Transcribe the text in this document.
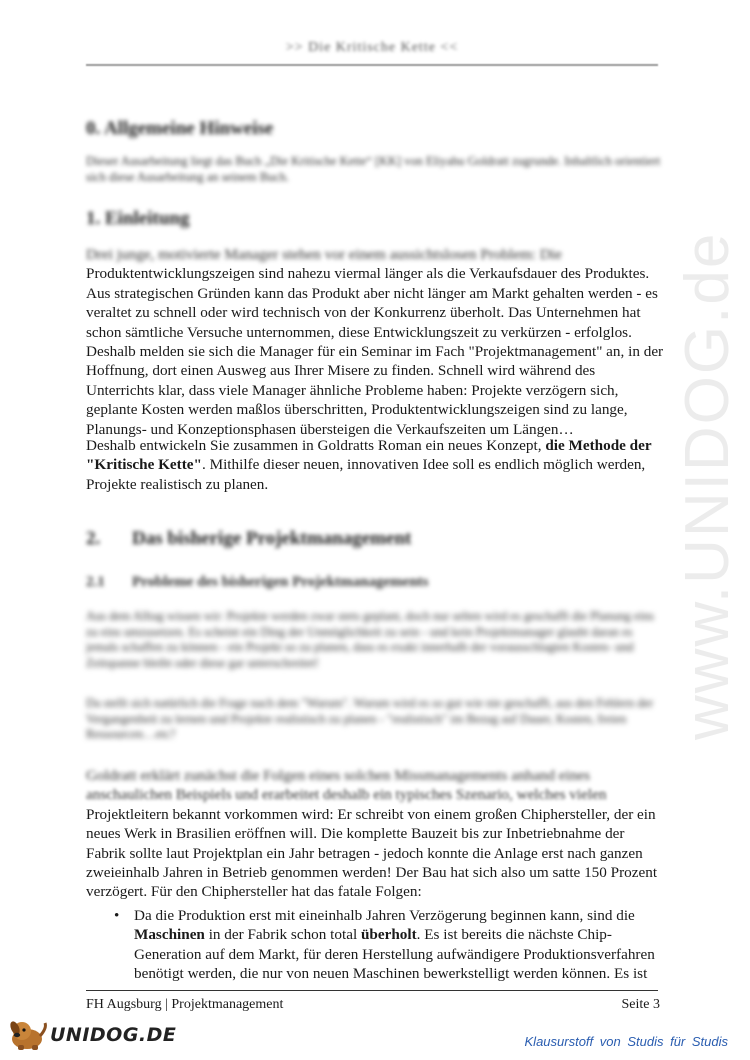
www.UNIDOG.de
>> Die Kritische Kette <<
0. Allgemeine Hinweise
Dieser Ausarbeitung liegt das Buch „Die Kritische Kette“ [KK] von Eliyahu Goldratt zugrunde. Inhaltlich orientiert sich diese Ausarbeitung an seinem Buch.
1. Einleitung

Drei junge, motivierte Manager stehen vor einem aussichtslosen Problem: Die

Produktentwicklungszeigen sind nahezu viermal länger als die Verkaufsdauer des Produktes. Aus strategischen Gründen kann das Produkt aber nicht länger am Markt gehalten werden - es veraltet zu schnell oder wird technisch von der Konkurrenz überholt. Das Unternehmen hat schon sämtliche Versuche unternommen, diese Entwicklungszeit zu verkürzen - erfolglos. Deshalb melden sie sich die Manager für ein Seminar im Fach "Projektmanagement" an, in der Hoffnung, dort einen Ausweg aus Ihrer Misere zu finden. Schnell wird während des Unterrichts klar, dass viele Manager ähnliche Probleme haben: Projekte verzögern sich, geplante Kosten werden maßlos überschritten, Produktentwicklungszeigen sind zu lange, Planungs- und Konzeptionsphasen übersteigen die Verkaufszeiten um Längen…

Deshalb entwickeln Sie zusammen in Goldratts Roman ein neues Konzept, die Methode der "Kritische Kette". Mithilfe dieser neuen, innovativen Idee soll es endlich möglich werden, Projekte realistisch zu planen.

2. Das bisherige Projektmanagement
2.1 Probleme des bisherigen Projektmanagements
Aus dem Alltag wissen wir: Projekte werden zwar stets geplant, doch nur selten wird es geschafft die Planung eins zu eins umzusetzen. Es scheint ein Ding der Unmöglichkeit zu sein - und kein Projektmanager glaubt daran es jemals schaffen zu können - ein Projekt so zu planen, dass es exakt innerhalb der vorausschlagten Kosten- und Zeitspanne bleibt oder diese gar unterschreitet!
Da stellt sich natürlich die Frage nach dem "Warum". Warum wird es so gut wie nie geschafft, aus den Fehlern der Vergangenheit zu lernen und Projekte realistisch zu planen - "realistisch" im Bezug auf Dauer, Kosten, freien Ressourcen…etc?

Goldratt erklärt zunächst die Folgen eines solchen Missmanagements anhand eines

anschaulichen Beispiels und erarbeitet deshalb ein typisches Szenario, welches vielen

Projektleitern bekannt vorkommen wird: Er schreibt von einem großen Chiphersteller, der ein neues Werk in Brasilien eröffnen will. Die komplette Bauzeit bis zur Inbetriebnahme der Fabrik sollte laut Projektplan ein Jahr betragen - jedoch konnte die Anlage erst nach ganzen zweieinhalb Jahren in Betrieb genommen werden! Der Bau hat sich also um satte 150 Prozent verzögert. Für den Chiphersteller hat das fatale Folgen:

• Da die Produktion erst mit eineinhalb Jahren Verzögerung beginnen kann, sind die Maschinen in der Fabrik schon total überholt. Es ist bereits die nächste Chip-Generation auf dem Markt, für deren Herstellung aufwändigere Produktionsverfahren benötigt werden, die nur von neuen Maschinen bewerkstelligt werden können. Es ist
FH Augsburg | Projektmanagement	Seite 3
UNIDOG.DE	Klausurstoff von Studis für Studis
